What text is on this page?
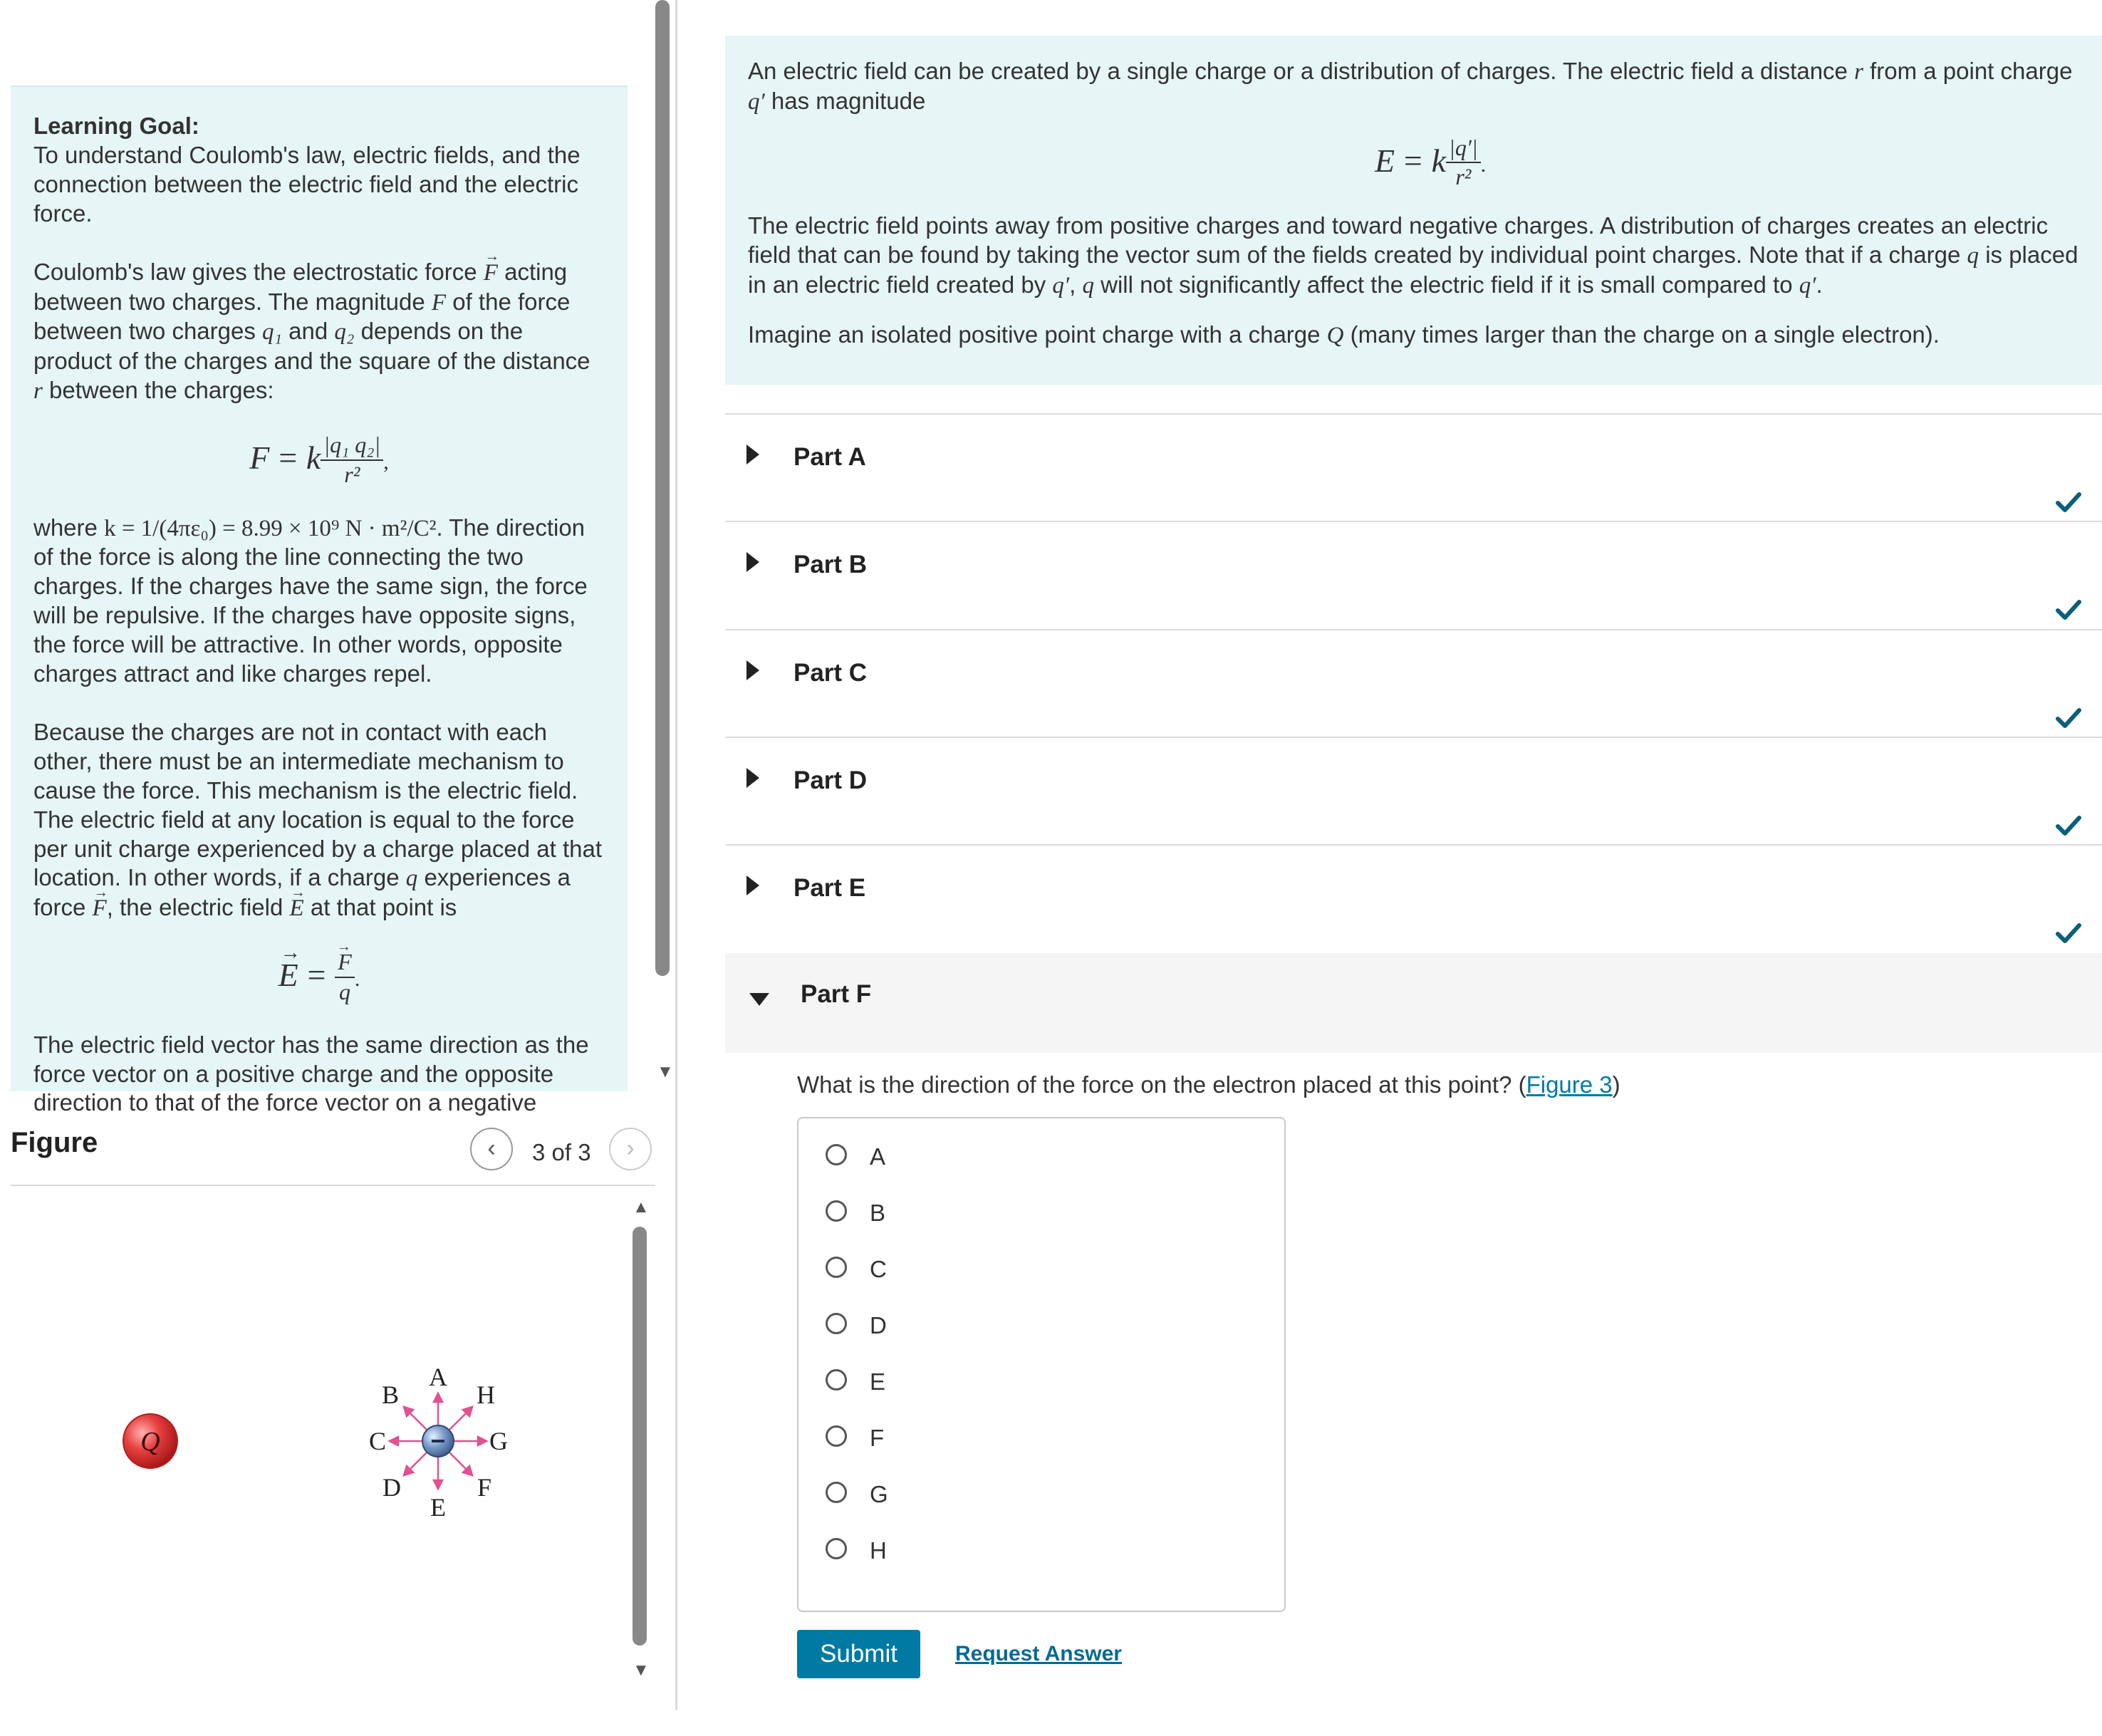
Learning Goal:
To understand Coulomb's law, electric fields, and the connection between the electric field and the electric force.

Coulomb's law gives the electrostatic force → F acting between two charges. The magnitude F of the force between two charges q₁ and q₂ depends on the product of the charges and the square of the distance r between the charges:

F = k $\frac{\text{|q₁ q₂|}}{\text{r²}}$ ,

where k = 1/(4πε₀) = 8.99 × 10⁹ N · m²/C². The direction of the force is along the line connecting the two charges. If the charges have the same sign, the force will be repulsive. If the charges have opposite signs, the force will be attractive. In other words, opposite charges attract and like charges repel.

Because the charges are not in contact with each other, there must be an intermediate mechanism to cause the force. This mechanism is the electric field. The electric field at any location is equal to the force per unit charge experienced by a charge placed at that location. In other words, if a charge q experiences a force → F, the electric field → E at that point is

→ E =
→ $\frac{F}{q}$ .

The electric field vector has the same direction as the force vector on a positive charge and the opposite direction to that of the force vector on a negative

▼
Figure	‹	3 of 3	›
Q
A
B
C
D
E
F
G
H
▲
▼

An electric field can be created by a single charge or a distribution of charges. The electric field a distance r from a point charge q′ has magnitude

E = k $\frac{|q'|}{\text{r²}}$ .

The electric field points away from positive charges and toward negative charges. A distribution of charges creates an electric field that can be found by taking the vector sum of the fields created by individual point charges. Note that if a charge q is placed in an electric field created by q′, q will not significantly affect the electric field if it is small compared to q′.

Imagine an isolated positive point charge with a charge Q (many times larger than the charge on a single electron).

Part A
Part B
Part C
Part D
Part E
Part F
What is the direction of the force on the electron placed at this point? (Figure 3)
A
B
C
D
E
F
G
H
Submit	Request Answer
